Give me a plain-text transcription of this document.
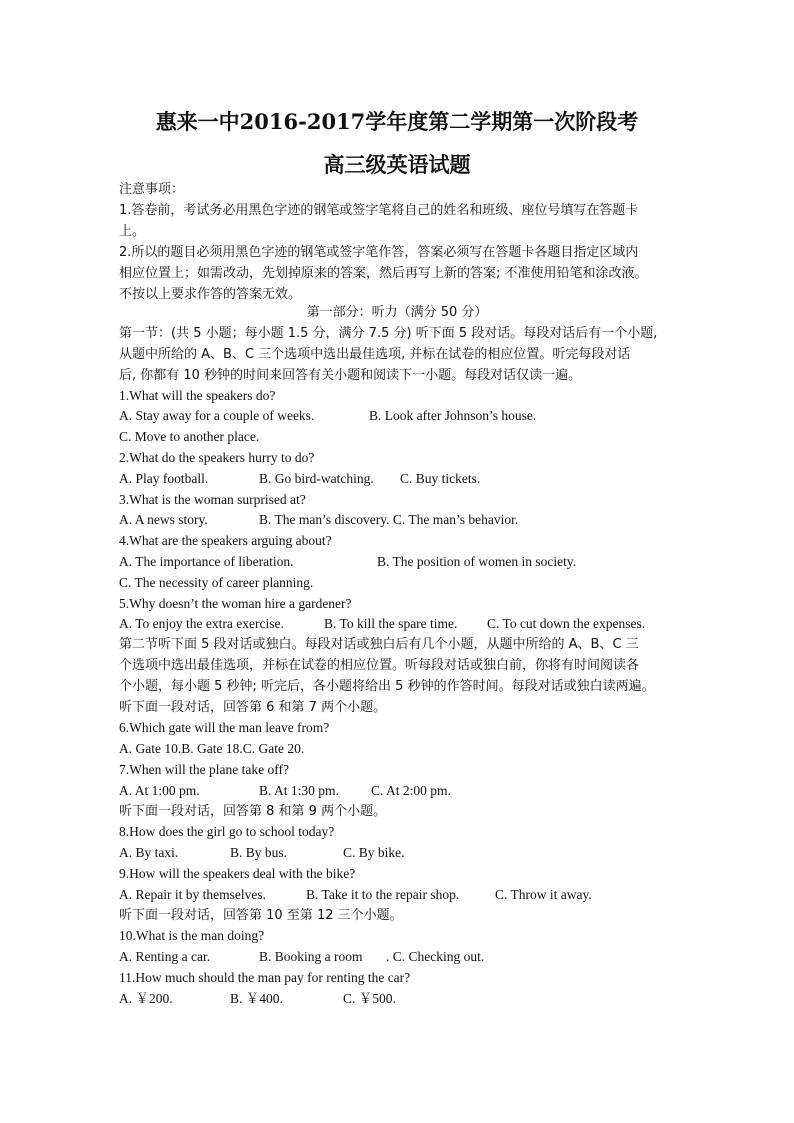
惠来一中2016-2017学年度第二学期第一次阶段考
高三级英语试题
注意事项：
1.答卷前，考试务必用黑色字迹的钢笔或签字笔将自己的姓名和班级、座位号填写在答题卡
上。
2.所以的题目必须用黑色字迹的钢笔或签字笔作答，答案必须写在答题卡各题目指定区域内
相应位置上；如需改动，先划掉原来的答案，然后再写上新的答案; 不准使用铅笔和涂改液。
不按以上要求作答的答案无效。
第一部分：听力（满分 50 分）
第一节：(共 5 小题；每小题 1.5 分，满分 7.5 分) 听下面 5 段对话。每段对话后有一个小题,
从题中所给的 A、B、C 三个选项中选出最佳选项, 并标在试卷的相应位置。听完每段对话
后, 你都有 10 秒钟的时间来回答有关小题和阅读下一小题。每段对话仅读一遍。
1.What will the speakers do?
A. Stay away for a couple of weeks.	B. Look after Johnson’s house.
C. Move to another place.
2.What do the speakers hurry to do?
A. Play football.	B. Go bird-watching. C. Buy tickets.
3.What is the woman surprised at?
A. A news story.	B. The man’s discovery. C. The man’s behavior.
4.What are the speakers arguing about?
A. The importance of liberation.	B. The position of women in society.
C. The necessity of career planning.
5.Why doesn’t the woman hire a gardener?
A. To enjoy the extra exercise.	B. To kill the spare time. C. To cut down the expenses.
第二节听下面 5 段对话或独白。每段对话或独白后有几个小题，从题中所给的 A、B、C 三
个选项中选出最佳选项，并标在试卷的相应位置。听每段对话或独白前，你将有时间阅读各
个小题，每小题 5 秒钟; 听完后，各小题将给出 5 秒钟的作答时间。每段对话或独白读两遍。
听下面一段对话，回答第 6 和第 7 两个小题。
6.Which gate will the man leave from?
A. Gate 10.B. Gate 18.C. Gate 20.
7.When will the plane take off?
A. At 1:00 pm.	B. At 1:30 pm. C. At 2:00 pm.
听下面一段对话，回答第 8 和第 9 两个小题。
8.How does the girl go to school today?
A. By taxi.	B. By bus.	C. By bike.
9.How will the speakers deal with the bike?
A. Repair it by themselves.	B. Take it to the repair shop.	C. Throw it away.
听下面一段对话，回答第 10 至第 12 三个小题。
10.What is the man doing?
A. Renting a car.	B. Booking a room . C. Checking out.
11.How much should the man pay for renting the car?
A. ￥200.	B. ￥400.	C. ￥500.
